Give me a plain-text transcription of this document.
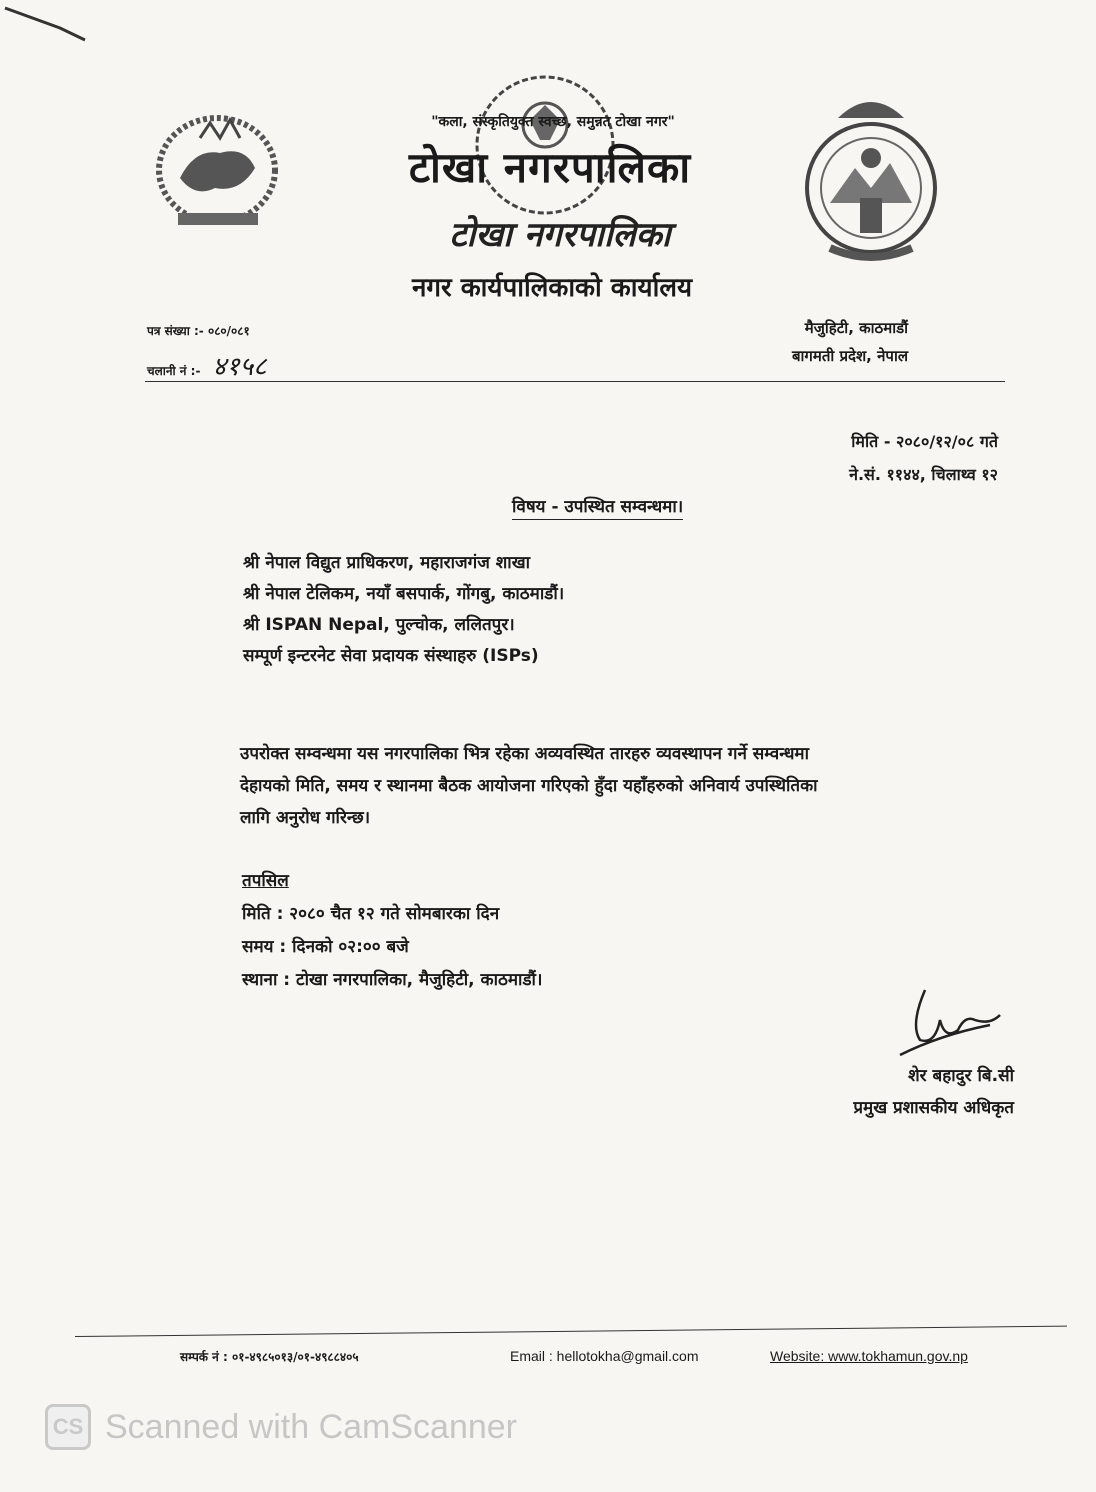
"कला, संस्कृतियुक्त स्वच्छ, समुन्नत टोखा नगर"
टोखा नगरपालिका
टोखा नगरपालिका
नगर कार्यपालिकाको कार्यालय
पत्र संख्या :- ०८०/०८१
चलानी नं :- ४१५८
मैजुहिटी, काठमाडौं
बागमती प्रदेश, नेपाल
मिति - २०८०/१२/०८ गते
ने.सं. ११४४, चिलाथ्व १२
विषय - उपस्थित सम्वन्धमा।
श्री नेपाल विद्युत प्राधिकरण, महाराजगंज शाखा
श्री नेपाल टेलिकम, नयाँ बसपार्क, गोंगबु, काठमाडौं।
श्री ISPAN Nepal, पुल्चोक, ललितपुर।
सम्पूर्ण इन्टरनेट सेवा प्रदायक संस्थाहरु (ISPs)
उपरोक्त सम्वन्धमा यस नगरपालिका भित्र रहेका अव्यवस्थित तारहरु व्यवस्थापन गर्ने सम्वन्धमा
देहायको मिति, समय र स्थानमा बैठक आयोजना गरिएको हुँदा यहाँहरुको अनिवार्य उपस्थितिका
लागि अनुरोध गरिन्छ।
तपसिल
मिति : २०८० चैत १२ गते सोमबारका दिन
समय : दिनको ०२:०० बजे
स्थाना : टोखा नगरपालिका, मैजुहिटी, काठमाडौं।
शेर बहादुर बि.सी
प्रमुख प्रशासकीय अधिकृत
सम्पर्क नं : ०१-४९८५०१३/०१-४९८८४०५	Email : hellotokha@gmail.com	Website: www.tokhamun.gov.np
CS Scanned with CamScanner
